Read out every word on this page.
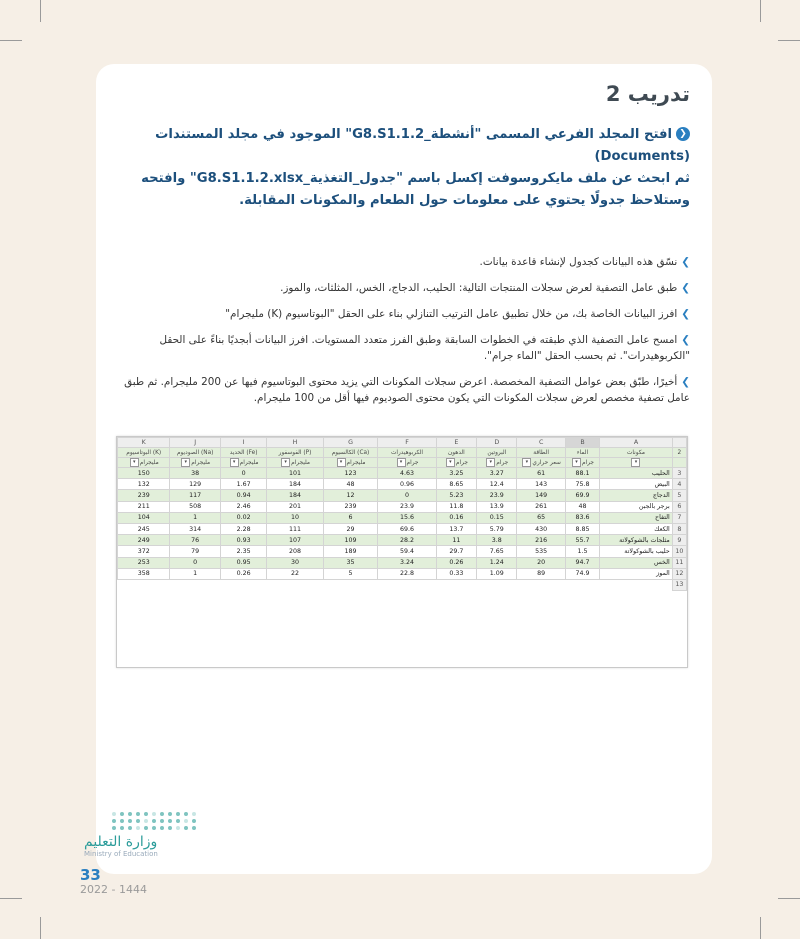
تدريب 2
❮افتح المجلد الفرعي المسمى "أنشطة_G8.S1.1.2" الموجود في مجلد المستندات (Documents)
ثم ابحث عن ملف مايكروسوفت إكسل باسم "جدول_التغذية_G8.S1.1.2.xlsx" وافتحه
وستلاحظ جدولًا يحتوي على معلومات حول الطعام والمكونات المقابلة.
❯نسّق هذه البيانات كجدول لإنشاء قاعدة بيانات.
❯طبق عامل التصفية لعرض سجلات المنتجات التالية: الحليب، الدجاج، الخس، المثلثات، والموز.
❯افرز البيانات الخاصة بك، من خلال تطبيق عامل الترتيب التنازلي بناء على الحقل "البوتاسيوم (K) مليجرام"
❯امسح عامل التصفية الذي طبقته في الخطوات السابقة وطبق الفرز متعدد المستويات. افرز البيانات أبجديًا بناءً على الحقل "الكربوهيدرات". ثم بحسب الحقل "الماء جرام".
❯أخيرًا، طبّق بعض عوامل التصفية المخصصة. اعرض سجلات المكونات التي يزيد محتوى البوتاسيوم فيها عن 200 مليجرام. ثم طبق عامل تصفية مخصص لعرض سجلات المكونات التي يكون محتوى الصوديوم فيها أقل من 100 مليجرام.
K	J	I	H	G	F	E	D	C	B	A	
البوتاسيوم (K)	الصوديوم (Na)	الحديد (Fe)	الفوسفور (P)	الكالسيوم (Ca)	الكربوهيدرات	الدهون	البروتين	الطاقة	الماء	مكونات	2
▾ مليجرام	▾ مليجرام	▾ مليجرام	▾ مليجرام	▾ مليجرام	▾ جرام	▾ جرام	▾ جرام	▾ سعر حراري	▾ جرام	▾	
150	38	0	101	123	4.63	3.25	3.27	61	88.1	الحليب	3
132	129	1.67	184	48	0.96	8.65	12.4	143	75.8	البيض	4
239	117	0.94	184	12	0	5.23	23.9	149	69.9	الدجاج	5
211	508	2.46	201	239	23.9	11.8	13.9	261	48	برجر بالجبن	6
104	1	0.02	10	6	15.6	0.16	0.15	65	83.6	التفاح	7
245	314	2.28	111	29	69.6	13.7	5.79	430	8.85	الكعك	8
249	76	0.93	107	109	28.2	11	3.8	216	55.7	مثلجات بالشوكولاتة	9
372	79	2.35	208	189	59.4	29.7	7.65	535	1.5	حليب بالشوكولاتة	10
253	0	0.95	30	35	3.24	0.26	1.24	20	94.7	الخس	11
358	1	0.26	22	5	22.8	0.33	1.09	89	74.9	الموز	12
											13
وزارة التعليم
Ministry of Education
33
2022 - 1444
